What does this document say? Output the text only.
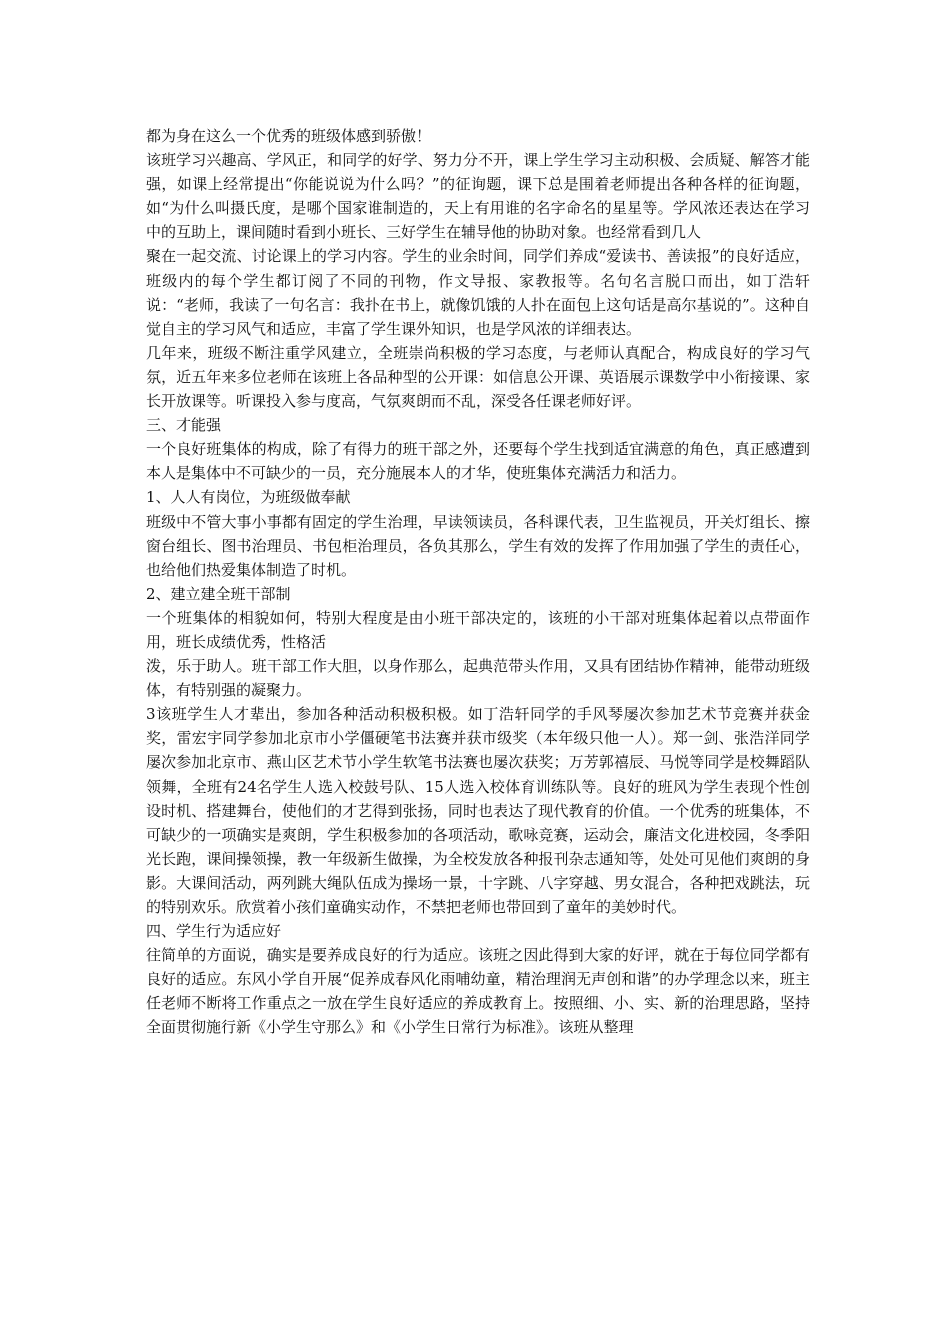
都为身在这么一个优秀的班级体感到骄傲！

该班学习兴趣高、学风正，和同学的好学、努力分不开，课上学生学习主动积极、会质疑、解答才能强，如课上经常提出“你能说说为什么吗？”的征询题，课下总是围着老师提出各种各样的征询题，如“为什么叫摄氏度，是哪个国家谁制造的，天上有用谁的名字命名的星星等。学风浓还表达在学习中的互助上，课间随时看到小班长、三好学生在辅导他的协助对象。也经常看到几人

聚在一起交流、讨论课上的学习内容。学生的业余时间，同学们养成“爱读书、善读报”的良好适应，班级内的每个学生都订阅了不同的刊物，作文导报、家教报等。名句名言脱口而出，如丁浩轩说：“老师，我读了一句名言：我扑在书上，就像饥饿的人扑在面包上这句话是高尔基说的”。这种自觉自主的学习风气和适应，丰富了学生课外知识，也是学风浓的详细表达。

几年来，班级不断注重学风建立，全班崇尚积极的学习态度，与老师认真配合，构成良好的学习气氛，近五年来多位老师在该班上各品种型的公开课：如信息公开课、英语展示课数学中小衔接课、家长开放课等。听课投入参与度高，气氛爽朗而不乱，深受各任课老师好评。

三、才能强

一个良好班集体的构成，除了有得力的班干部之外，还要每个学生找到适宜满意的角色，真正感遭到本人是集体中不可缺少的一员，充分施展本人的才华，使班集体充满活力和活力。

1、人人有岗位，为班级做奉献

班级中不管大事小事都有固定的学生治理，早读领读员，各科课代表，卫生监视员，开关灯组长、擦窗台组长、图书治理员、书包柜治理员，各负其那么，学生有效的发挥了作用加强了学生的责任心，也给他们热爱集体制造了时机。

2、建立建全班干部制

一个班集体的相貌如何，特别大程度是由小班干部决定的，该班的小干部对班集体起着以点带面作用，班长成绩优秀，性格活

泼，乐于助人。班干部工作大胆，以身作那么，起典范带头作用，又具有团结协作精神，能带动班级体，有特别强的凝聚力。

3该班学生人才辈出，参加各种活动积极积极。如丁浩轩同学的手风琴屡次参加艺术节竞赛并获金奖，雷宏宇同学参加北京市小学僵硬笔书法赛并获市级奖（本年级只他一人）。郑一剑、张浩洋同学屡次参加北京市、燕山区艺术节小学生软笔书法赛也屡次获奖；万芳郭禧辰、马悦等同学是校舞蹈队领舞，全班有24名学生人选入校鼓号队、15人选入校体育训练队等。良好的班风为学生表现个性创设时机、搭建舞台，使他们的才艺得到张扬，同时也表达了现代教育的价值。一个优秀的班集体，不可缺少的一项确实是爽朗，学生积极参加的各项活动，歌咏竞赛，运动会，廉洁文化进校园，冬季阳光长跑，课间操领操，教一年级新生做操，为全校发放各种报刊杂志通知等，处处可见他们爽朗的身影。大课间活动，两列跳大绳队伍成为操场一景，十字跳、八字穿越、男女混合，各种把戏跳法，玩的特别欢乐。欣赏着小孩们童确实动作，不禁把老师也带回到了童年的美妙时代。

四、学生行为适应好

往简单的方面说，确实是要养成良好的行为适应。该班之因此得到大家的好评，就在于每位同学都有良好的适应。东风小学自开展“促养成春风化雨哺幼童，精治理润无声创和谐”的办学理念以来，班主任老师不断将工作重点之一放在学生良好适应的养成教育上。按照细、小、实、新的治理思路，坚持全面贯彻施行新《小学生守那么》和《小学生日常行为标准》。该班从整理
